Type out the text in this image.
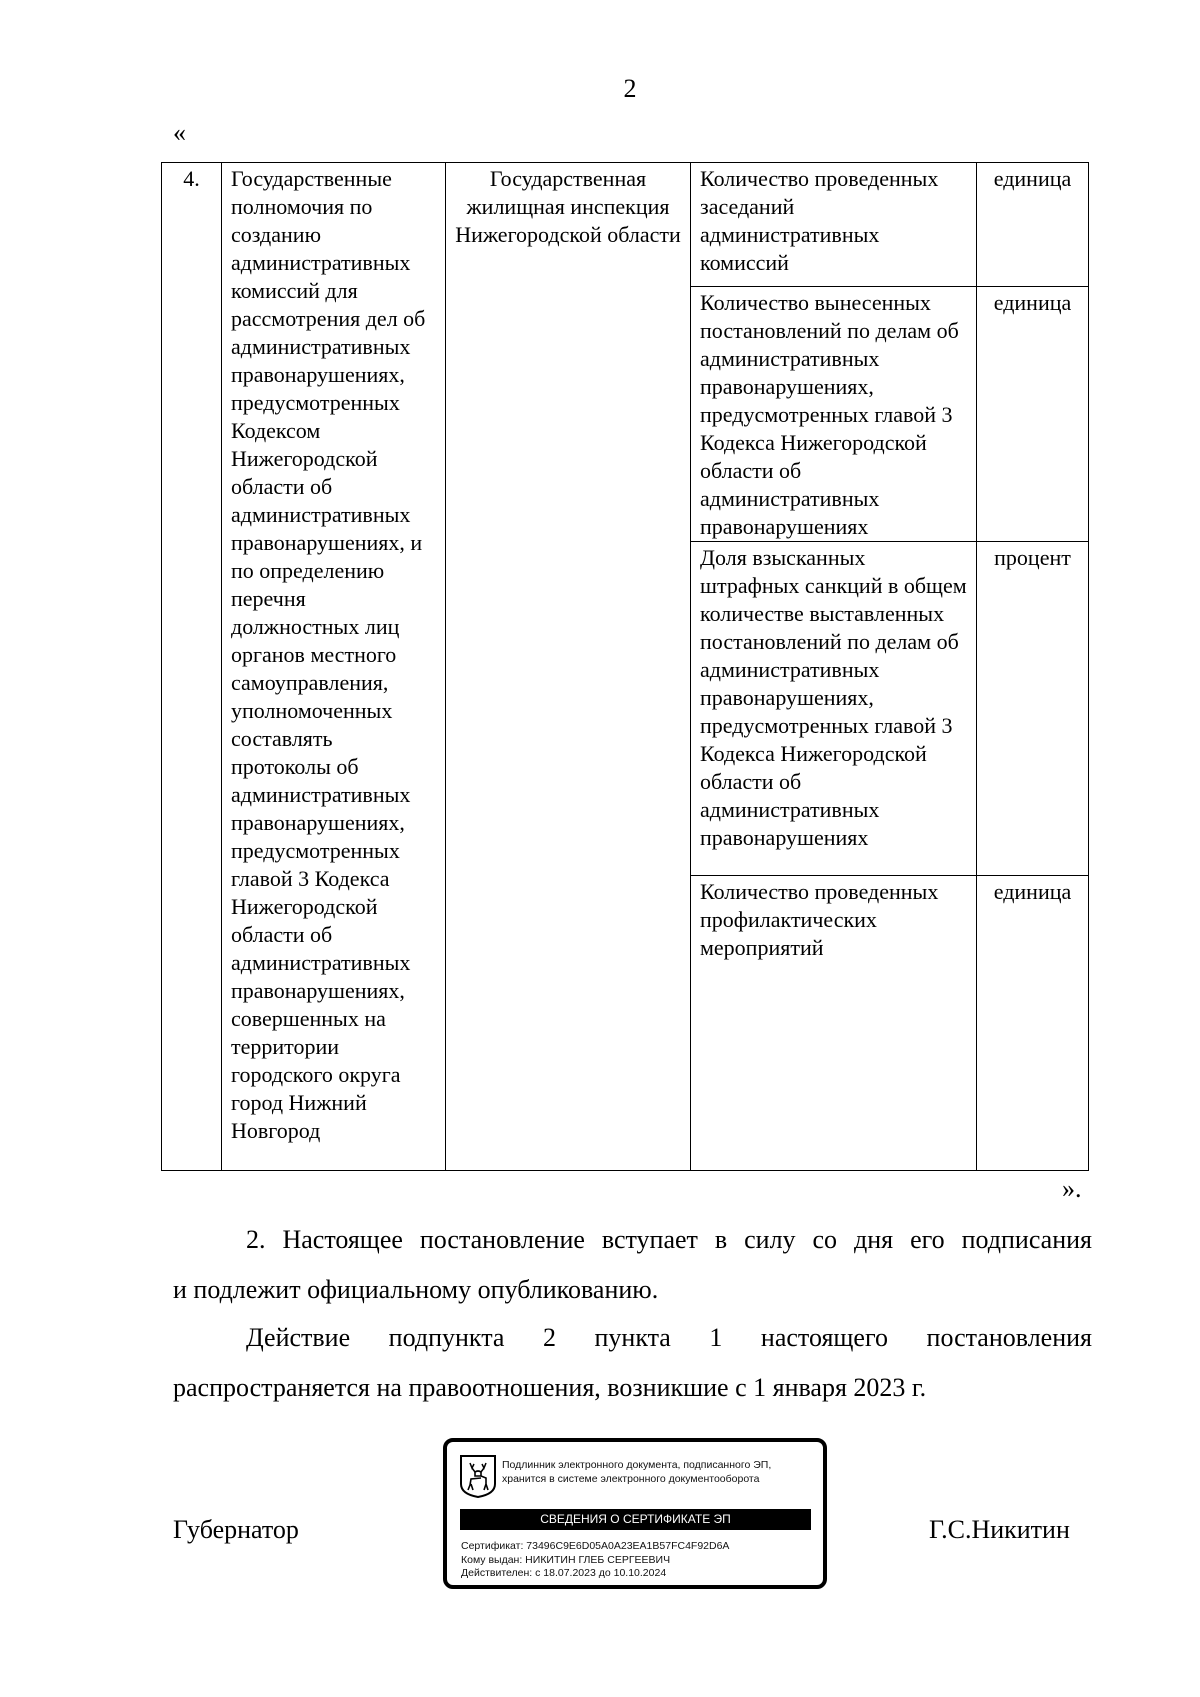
2
«
4.	Государственные полномочия по созданию административных комиссий для рассмотрения дел об административных правонарушениях, предусмотренных Кодексом Нижегородской области об административных правонарушениях, и по определению перечня должностных лиц органов местного самоуправления, уполномоченных составлять протоколы об административных правонарушениях, предусмотренных главой 3 Кодекса Нижегородской области об административных правонарушениях, совершенных на территории городского округа город Нижний Новгород	Государственная жилищная инспекция Нижегородской области	Количество проведенных заседаний административных комиссий	единица
			Количество вынесенных постановлений по делам об административных правонарушениях, предусмотренных главой 3 Кодекса Нижегородской области об административных правонарушениях	единица
			Доля взысканных штрафных санкций в общем количестве выставленных постановлений по делам об административных правонарушениях, предусмотренных главой 3 Кодекса Нижегородской области об административных правонарушениях	процент
			Количество проведенных профилактических мероприятий	единица
».
2. Настоящее постановление вступает в силу со дня его подписания
и подлежит официальному опубликованию.
Действие подпункта 2 пункта 1 настоящего постановления
распространяется на правоотношения, возникшие с 1 января 2023 г.
Губернатор
Подлинник электронного документа, подписанного ЭП,
хранится в системе электронного документооборота
СВЕДЕНИЯ О СЕРТИФИКАТЕ ЭП
Сертификат: 73496C9E6D05A0A23EA1B57FC4F92D6A
Кому выдан: НИКИТИН ГЛЕБ СЕРГЕЕВИЧ
Действителен: с 18.07.2023 до 10.10.2024
Г.С.Никитин
